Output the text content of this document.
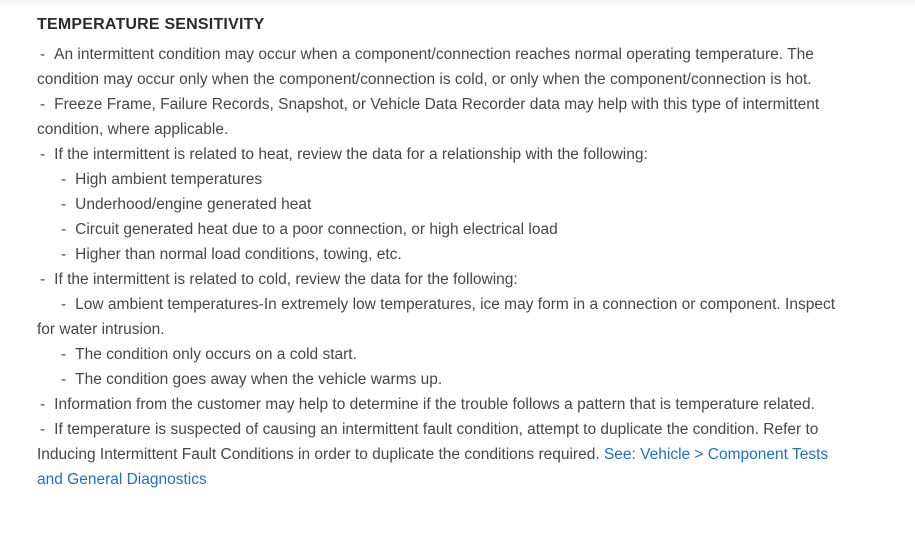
TEMPERATURE SENSITIVITY

- An intermittent condition may occur when a component/connection reaches normal operating temperature. The condition may occur only when the component/connection is cold, or only when the component/connection is hot.

- Freeze Frame, Failure Records, Snapshot, or Vehicle Data Recorder data may help with this type of intermittent condition, where applicable.

- If the intermittent is related to heat, review the data for a relationship with the following:

- High ambient temperatures

- Underhood/engine generated heat

- Circuit generated heat due to a poor connection, or high electrical load

- Higher than normal load conditions, towing, etc.

- If the intermittent is related to cold, review the data for the following:

- Low ambient temperatures-In extremely low temperatures, ice may form in a connection or component. Inspect for water intrusion.

- The condition only occurs on a cold start.

- The condition goes away when the vehicle warms up.

- Information from the customer may help to determine if the trouble follows a pattern that is temperature related.

- If temperature is suspected of causing an intermittent fault condition, attempt to duplicate the condition. Refer to Inducing Intermittent Fault Conditions in order to duplicate the conditions required. See: Vehicle > Component Tests and General Diagnostics
